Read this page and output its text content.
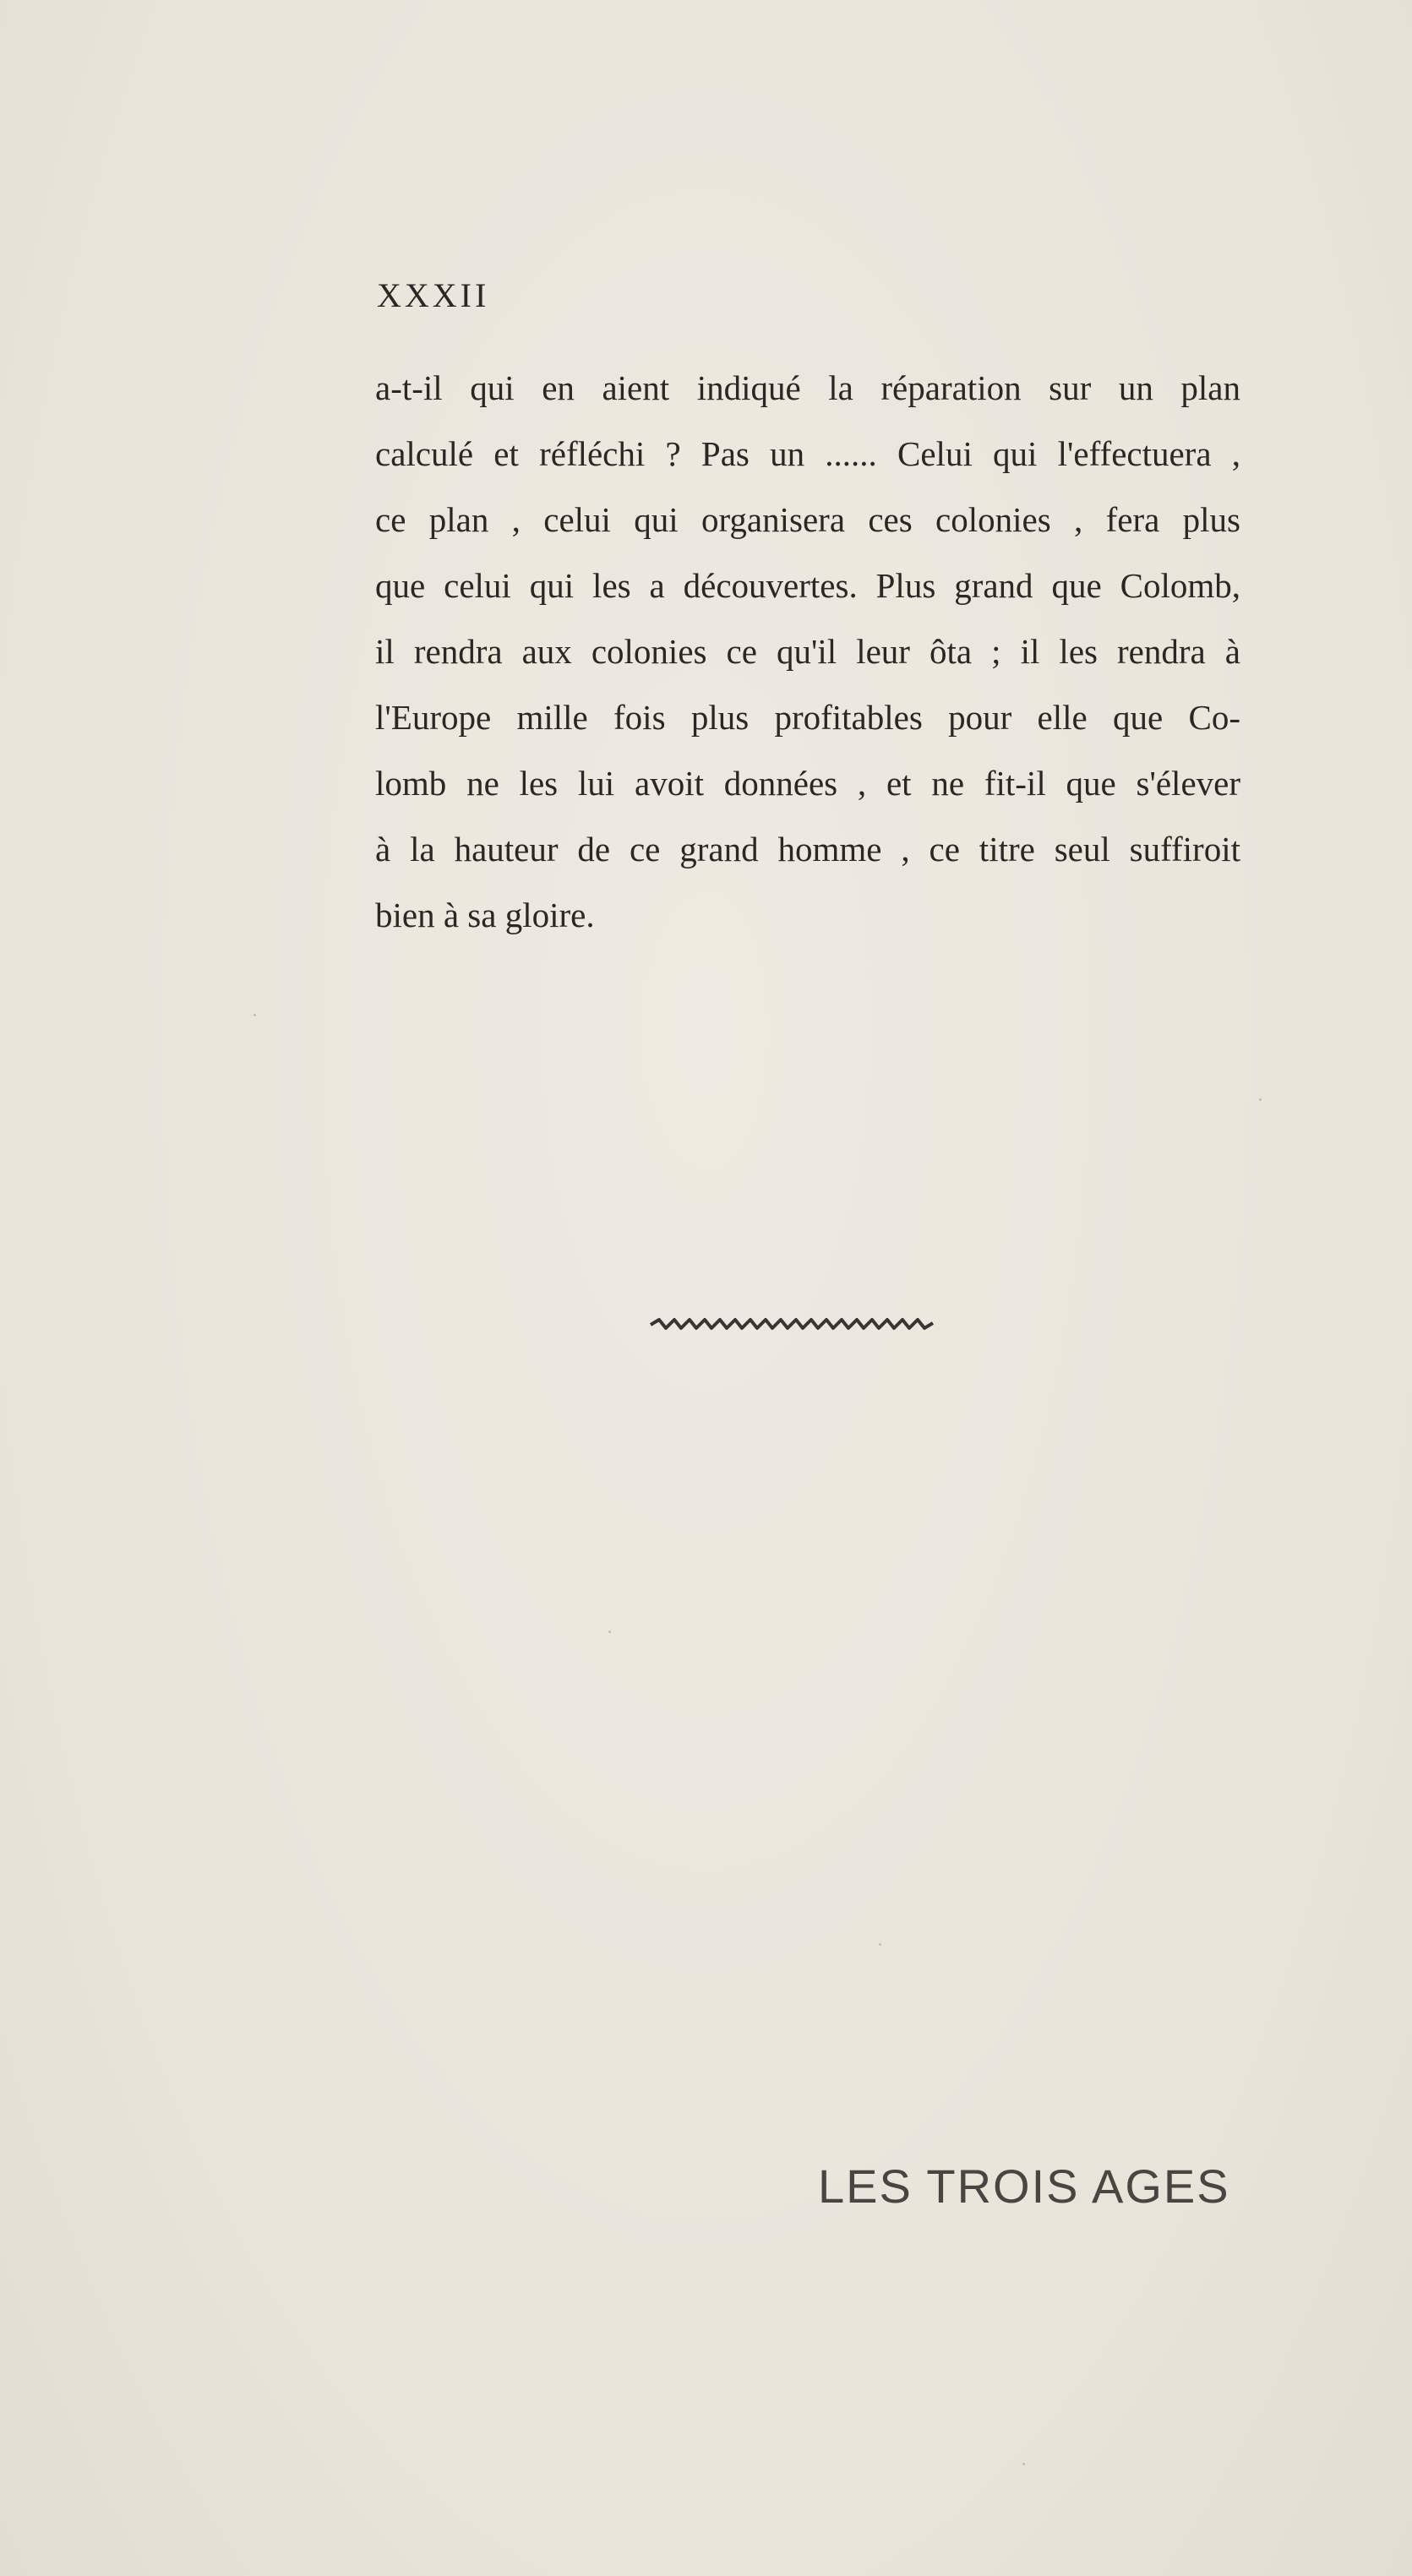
XXXII
a-t-il qui en aient indiqué la réparation sur un plan
calculé et réfléchi ? Pas un ...... Celui qui l'effectuera ,
ce plan , celui qui organisera ces colonies , fera plus
que celui qui les a découvertes. Plus grand que Colomb,
il rendra aux colonies ce qu'il leur ôta ; il les rendra à
l'Europe mille fois plus profitables pour elle que Co-
lomb ne les lui avoit données , et ne fit-il que s'élever
à la hauteur de ce grand homme , ce titre seul suffiroit
bien à sa gloire.
LES TROIS AGES
